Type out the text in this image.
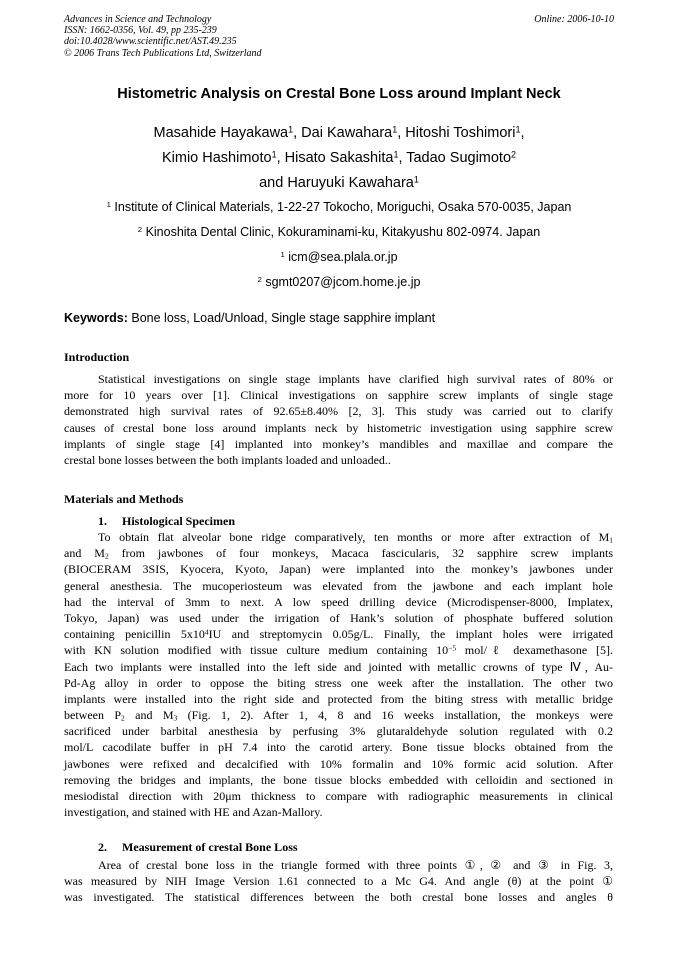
Advances in Science and Technology
ISSN: 1662-0356, Vol. 49, pp 235-239
doi:10.4028/www.scientific.net/AST.49.235
© 2006 Trans Tech Publications Ltd, Switzerland
Online: 2006-10-10
Histometric Analysis on Crestal Bone Loss around Implant Neck
Masahide Hayakawa$^1$, Dai Kawahara$^1$, Hitoshi Toshimori$^1$,
Kimio Hashimoto$^1$, Hisato Sakashita$^1$, Tadao Sugimoto$^2$
and Haruyuki Kawahara$^1$
$^1$ Institute of Clinical Materials, 1-22-27 Tokocho, Moriguchi, Osaka 570-0035, Japan
$^2$ Kinoshita Dental Clinic, Kokuraminami-ku, Kitakyushu 802-0974. Japan
$^1$ icm@sea.plala.or.jp
$^2$ sgmt0207@jcom.home.je.jp
Keywords: Bone loss, Load/Unload, Single stage sapphire implant
Introduction
Statistical investigations on single stage implants have clarified high survival rates of 80% or
more for 10 years over [1]. Clinical investigations on sapphire screw implants of single stage
demonstrated high survival rates of 92.65±8.40% [2, 3]. This study was carried out to clarify
causes of crestal bone loss around implants neck by histometric investigation using sapphire screw
implants of single stage [4] implanted into monkey’s mandibles and maxillae and compare the
crestal bone losses between the both implants loaded and unloaded..
Materials and Methods
1. Histological Specimen
To obtain flat alveolar bone ridge comparatively, ten months or more after extraction of $M_1$
and $M_2$ from jawbones of four monkeys, Macaca fascicularis, 32 sapphire screw implants
(BIOCERAM 3SIS, Kyocera, Kyoto, Japan) were implanted into the monkey’s jawbones under
general anesthesia. The mucoperiosteum was elevated from the jawbone and each implant hole
had the interval of 3mm to next. A low speed drilling device (Microdispenser-8000, Implatex,
Tokyo, Japan) was used under the irrigation of Hank’s solution of phosphate buffered solution
containing penicillin $5x10^4IU$ and streptomycin 0.05g/L. Finally, the implant holes were irrigated
with KN solution modified with tissue culture medium containing $10^{-5}$ mol/ℓ dexamethasone [5].
Each two implants were installed into the left side and jointed with metallic crowns of type Ⅳ, Au-
Pd-Ag alloy in order to oppose the biting stress one week after the installation. The other two
implants were installed into the right side and protected from the biting stress with metallic bridge
between $P_2$ and $M_3$ (Fig. 1, 2). After 1, 4, 8 and 16 weeks installation, the monkeys were
sacrificed under barbital anesthesia by perfusing 3% glutaraldehyde solution regulated with 0.2
mol/L cacodilate buffer in pH 7.4 into the carotid artery. Bone tissue blocks obtained from the
jawbones were refixed and decalcified with 10% formalin and 10% formic acid solution. After
removing the bridges and implants, the bone tissue blocks embedded with celloidin and sectioned in
mesiodistal direction with 20μm thickness to compare with radiographic measurements in clinical
investigation, and stained with HE and Azan-Mallory.
2. Measurement of crestal Bone Loss
Area of crestal bone loss in the triangle formed with three points ①, ② and ③ in Fig. 3,
was measured by NIH Image Version 1.61 connected to a Mc G4. And angle (θ) at the point ①
was investigated. The statistical differences between the both crestal bone losses and angles θ
